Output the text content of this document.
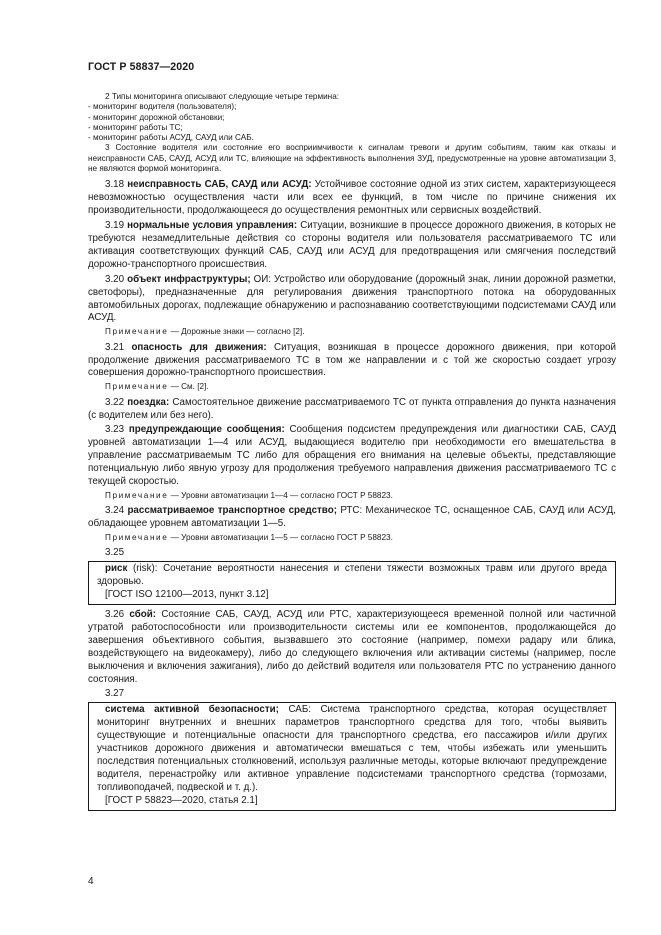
ГОСТ Р 58837—2020

2 Типы мониторинга описывают следующие четыре термина:

- мониторинг водителя (пользователя);
- мониторинг дорожной обстановки;
- мониторинг работы ТС;
- мониторинг работы АСУД, САУД или САБ.

3 Состояние водителя или состояние его восприимчивости к сигналам тревоги и другим событиям, таким как отказы и неисправности САБ, САУД, АСУД или ТС, влияющие на эффективность выполнения ЗУД, предусмотренные на уровне автоматизации 3, не являются формой мониторинга.

3.18 неисправность САБ, САУД или АСУД: Устойчивое состояние одной из этих систем, характеризующееся невозможностью осуществления части или всех ее функций, в том числе по причине снижения их производительности, продолжающееся до осуществления ремонтных или сервисных воздействий.

3.19 нормальные условия управления: Ситуации, возникшие в процессе дорожного движения, в которых не требуются незамедлительные действия со стороны водителя или пользователя рассматриваемого ТС или активация соответствующих функций САБ, САУД или АСУД для предотвращения или смягчения последствий дорожно-транспортного происшествия.

3.20 объект инфраструктуры; ОИ: Устройство или оборудование (дорожный знак, линии дорожной разметки, светофоры), предназначенные для регулирования движения транспортного потока на оборудованных автомобильных дорогах, подлежащие обнаружению и распознаванию соответствующими подсистемами САУД или АСУД.

Примечание — Дорожные знаки — согласно [2].

3.21 опасность для движения: Ситуация, возникшая в процессе дорожного движения, при которой продолжение движения рассматриваемого ТС в том же направлении и с той же скоростью создает угрозу совершения дорожно-транспортного происшествия.

Примечание — См. [2].

3.22 поездка: Самостоятельное движение рассматриваемого ТС от пункта отправления до пункта назначения (с водителем или без него).

3.23 предупреждающие сообщения: Сообщения подсистем предупреждения или диагностики САБ, САУД уровней автоматизации 1—4 или АСУД, выдающиеся водителю при необходимости его вмешательства в управление рассматриваемым ТС либо для обращения его внимания на целевые объекты, представляющие потенциальную либо явную угрозу для продолжения требуемого направления движения рассматриваемого ТС с текущей скоростью.

Примечание — Уровни автоматизации 1—4 — согласно ГОСТ Р 58823.

3.24 рассматриваемое транспортное средство; РТС: Механическое ТС, оснащенное САБ, САУД или АСУД, обладающее уровнем автоматизации 1—5.

Примечание — Уровни автоматизации 1—5 — согласно ГОСТ Р 58823.

3.25

риск (risk): Сочетание вероятности нанесения и степени тяжести возможных травм или другого вреда здоровью.

[ГОСТ ISO 12100—2013, пункт 3.12]

3.26 сбой: Состояние САБ, САУД, АСУД или РТС, характеризующееся временной полной или частичной утратой работоспособности или производительности системы или ее компонентов, продолжающейся до завершения объективного события, вызвавшего это состояние (например, помехи радару или блика, воздействующего на видеокамеру), либо до следующего включения или активации системы (например, после выключения и включения зажигания), либо до действий водителя или пользователя РТС по устранению данного состояния.

3.27

система активной безопасности; САБ: Система транспортного средства, которая осуществляет мониторинг внутренних и внешних параметров транспортного средства для того, чтобы выявить существующие и потенциальные опасности для транспортного средства, его пассажиров и/или других участников дорожного движения и автоматически вмешаться с тем, чтобы избежать или уменьшить последствия потенциальных столкновений, используя различные методы, которые включают предупреждение водителя, перенастройку или активное управление подсистемами транспортного средства (тормозами, топливоподачей, подвеской и т. д.).

[ГОСТ Р 58823—2020, статья 2.1]

4
